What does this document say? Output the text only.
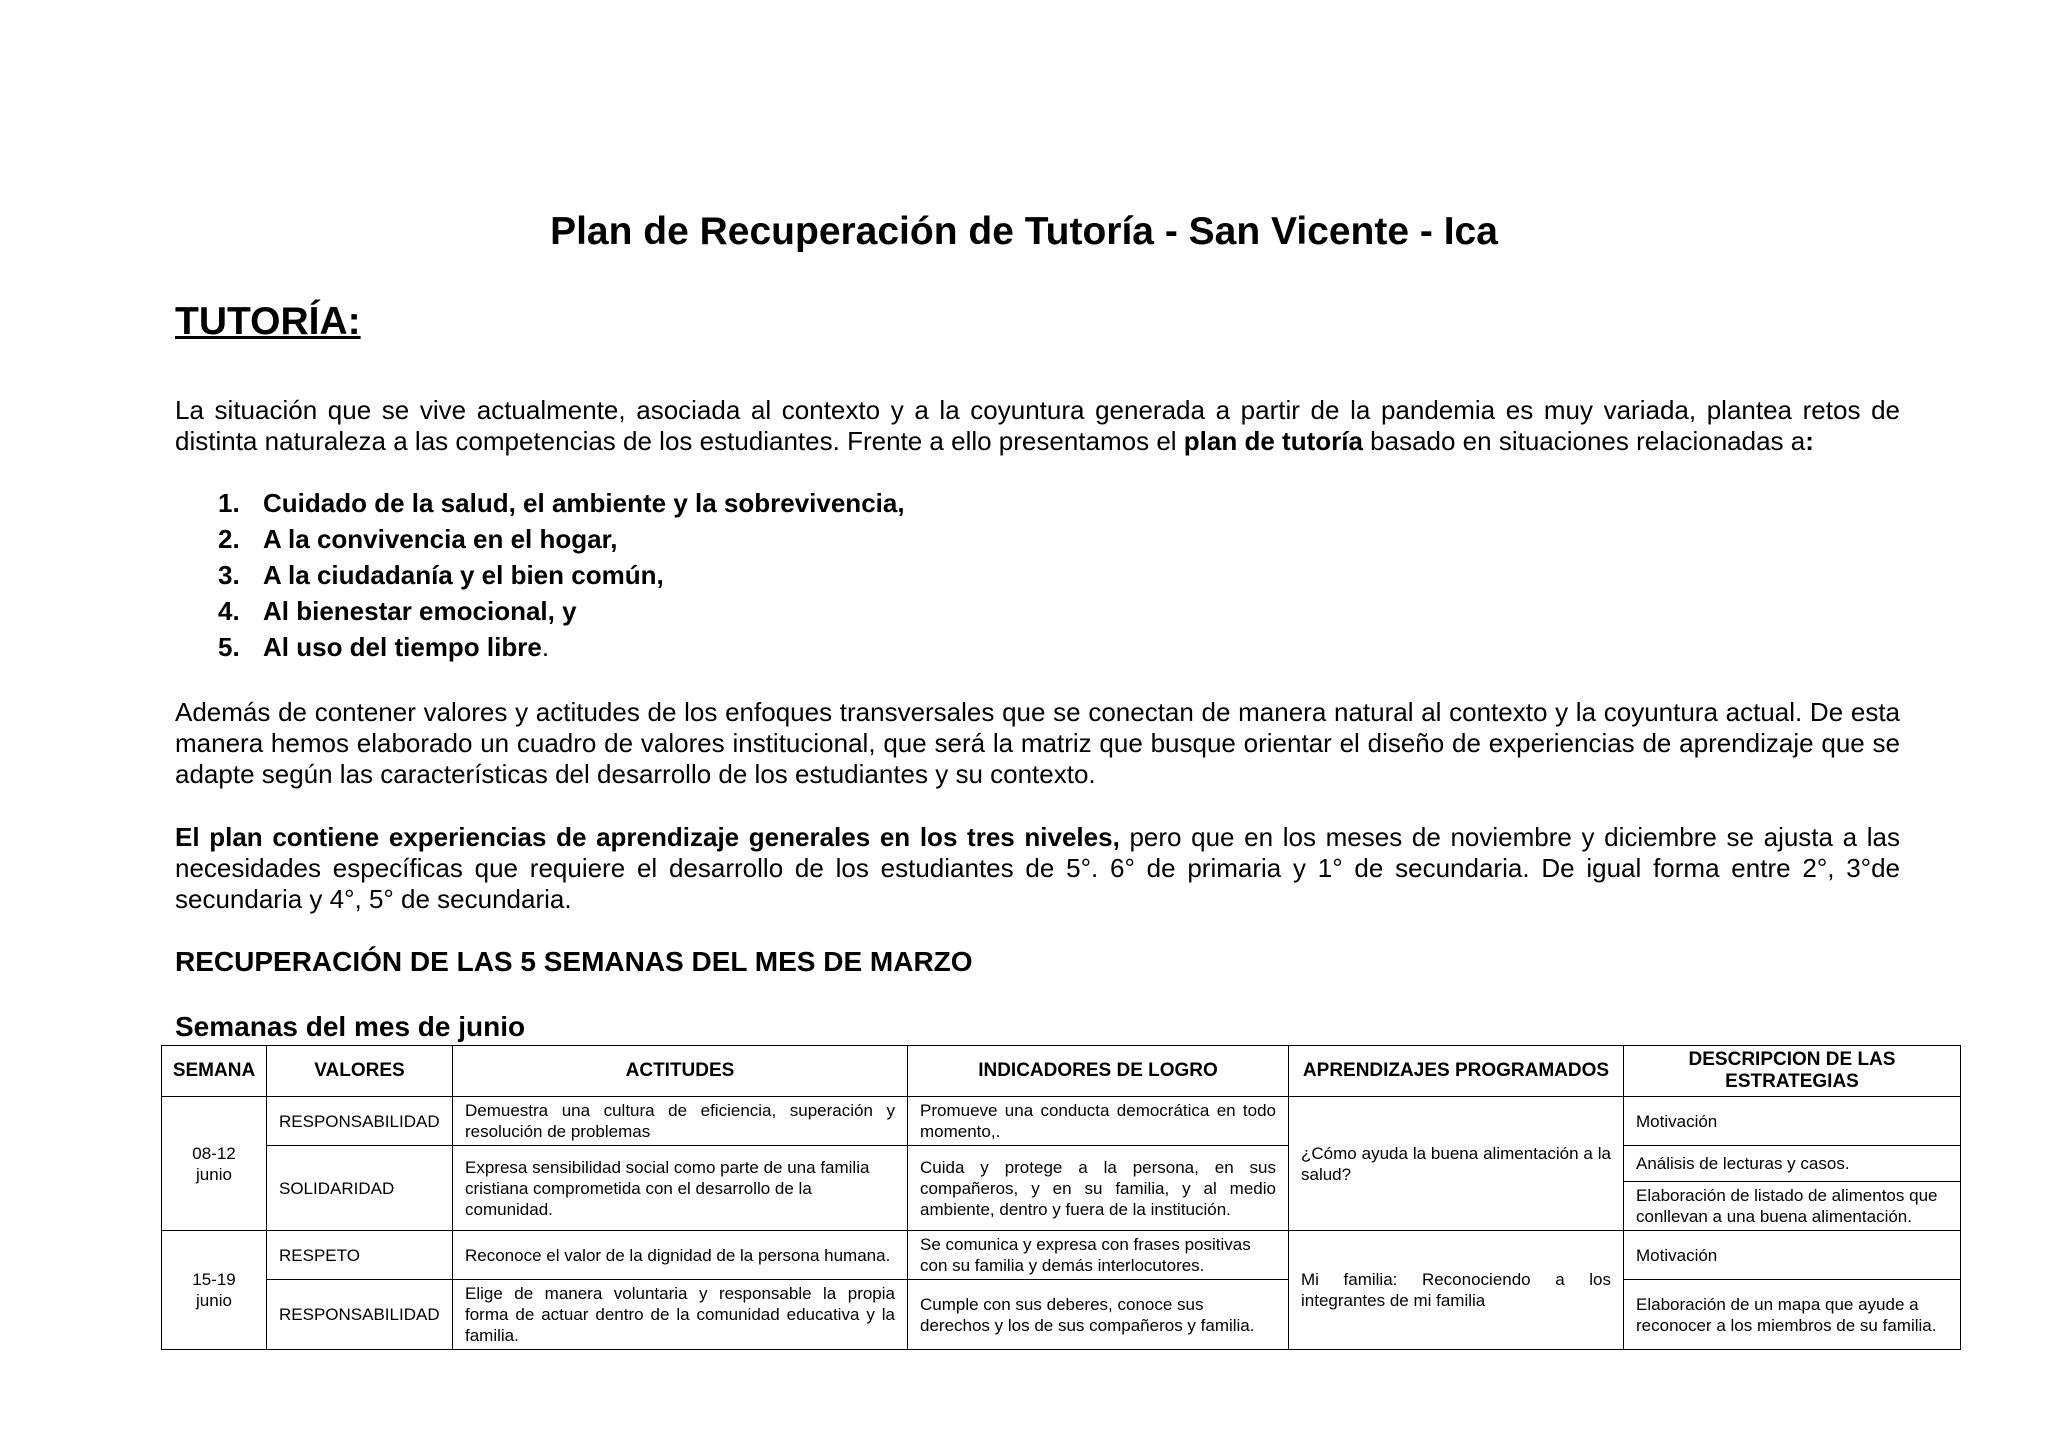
Plan de Recuperación de Tutoría - San Vicente - Ica
TUTORÍA:

La situación que se vive actualmente, asociada al contexto y a la coyuntura generada a partir de la pandemia es muy variada, plantea retos de distinta naturaleza a las competencias de los estudiantes. Frente a ello presentamos el plan de tutoría basado en situaciones relacionadas a:

1. Cuidado de la salud, el ambiente y la sobrevivencia,
2. A la convivencia en el hogar,
3. A la ciudadanía y el bien común,
4. Al bienestar emocional, y
5. Al uso del tiempo libre .

Además de contener valores y actitudes de los enfoques transversales que se conectan de manera natural al contexto y la coyuntura actual. De esta manera hemos elaborado un cuadro de valores institucional, que será la matriz que busque orientar el diseño de experiencias de aprendizaje que se adapte según las características del desarrollo de los estudiantes y su contexto.

El plan contiene experiencias de aprendizaje generales en los tres niveles, pero que en los meses de noviembre y diciembre se ajusta a las necesidades específicas que requiere el desarrollo de los estudiantes de 5°. 6° de primaria y 1° de secundaria. De igual forma entre 2°, 3°de secundaria y 4°, 5° de secundaria.

RECUPERACIÓN DE LAS 5 SEMANAS DEL MES DE MARZO
Semanas del mes de junio
SEMANA	VALORES	ACTITUDES	INDICADORES DE LOGRO	APRENDIZAJES PROGRAMADOS	DESCRIPCION DE LAS ESTRATEGIAS
08-12 junio	RESPONSABILIDAD	Demuestra una cultura de eficiencia, superación y resolución de problemas	Promueve una conducta democrática en todo momento,.	¿Cómo ayuda la buena alimentación a la salud?	Motivación
	SOLIDARIDAD	Expresa sensibilidad social como parte de una familia cristiana comprometida con el desarrollo de la comunidad.	Cuida y protege a la persona, en sus compañeros, y en su familia, y al medio ambiente, dentro y fuera de la institución.		Análisis de lecturas y casos.
					Elaboración de listado de alimentos que conllevan a una buena alimentación.
15-19 junio	RESPETO	Reconoce el valor de la dignidad de la persona humana.	Se comunica y expresa con frases positivas con su familia y demás interlocutores.	Mi familia: Reconociendo a los integrantes de mi familia	Motivación
	RESPONSABILIDAD	Elige de manera voluntaria y responsable la propia forma de actuar dentro de la comunidad educativa y la familia.	Cumple con sus deberes, conoce sus derechos y los de sus compañeros y familia.		Elaboración de un mapa que ayude a reconocer a los miembros de su familia.
